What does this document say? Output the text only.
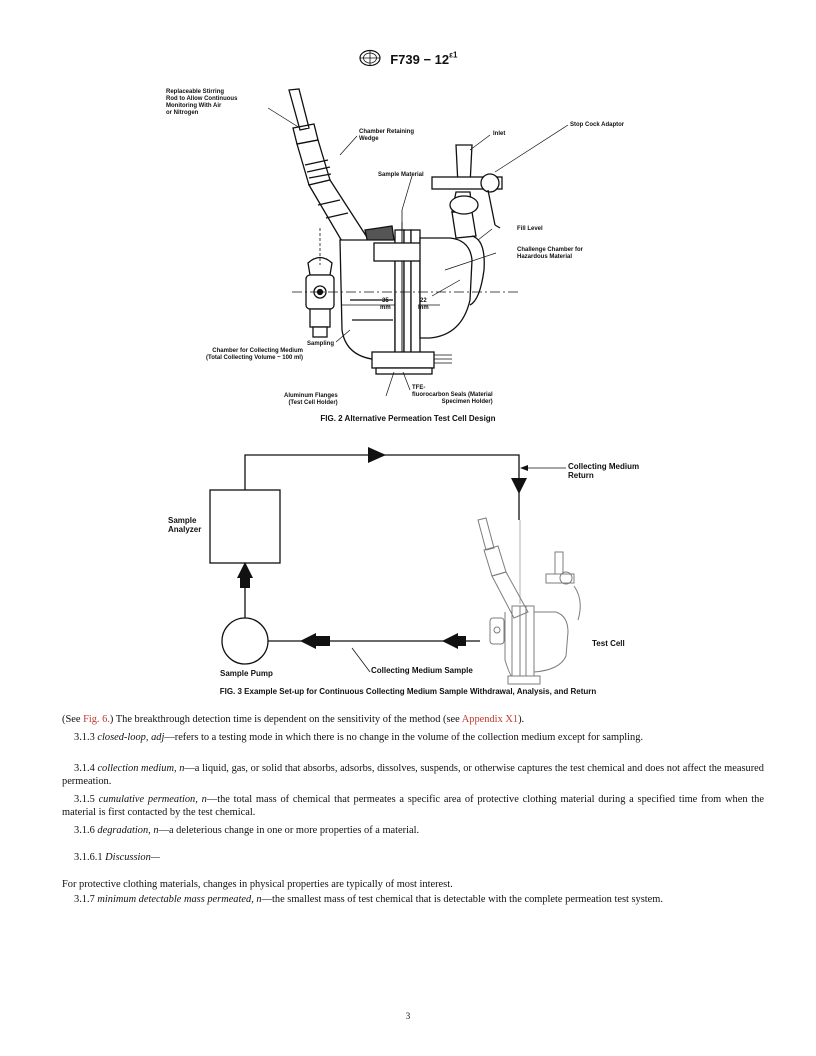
$F739 - 12^{\varepsilon 1}$
Replaceable Stirring
Rod to Allow Continuous
Monitoring With Air
or Nitrogen
Chamber Retaining
Wedge
Inlet
Stop Cock Adaptor
Sample Material
Fill Level
Challenge Chamber for
Hazardous Material
35
mm
22
mm
Sampling
Chamber for Collecting Medium
(Total Collecting Volume ~ 100 ml)
Aluminum Flanges
(Test Cell Holder)
TFE-
fluorocarbon Seals (Material
Specimen Holder)
FIG. 2 Alternative Permeation Test Cell Design
Collecting Medium
Return
Sample
Analyzer
Test Cell
Sample Pump	Collecting Medium Sample
FIG. 3 Example Set-up for Continuous Collecting Medium Sample Withdrawal, Analysis, and Return
(See Fig. 6.) The breakthrough detection time is dependent on the sensitivity of the method (see Appendix X1).
3.1.3 closed-loop, adj—refers to a testing mode in which there is no change in the volume of the collection medium except for sampling.
3.1.4 collection medium, n—a liquid, gas, or solid that absorbs, adsorbs, dissolves, suspends, or otherwise captures the test chemical and does not affect the measured permeation.
3.1.5 cumulative permeation, n—the total mass of chemical that permeates a specific area of protective clothing material during a specified time from when the material is first contacted by the test chemical.
3.1.6 degradation, n—a deleterious change in one or more properties of a material.
3.1.6.1 Discussion—
For protective clothing materials, changes in physical properties are typically of most interest.
3.1.7 minimum detectable mass permeated, n—the smallest mass of test chemical that is detectable with the complete permeation test system.
3
